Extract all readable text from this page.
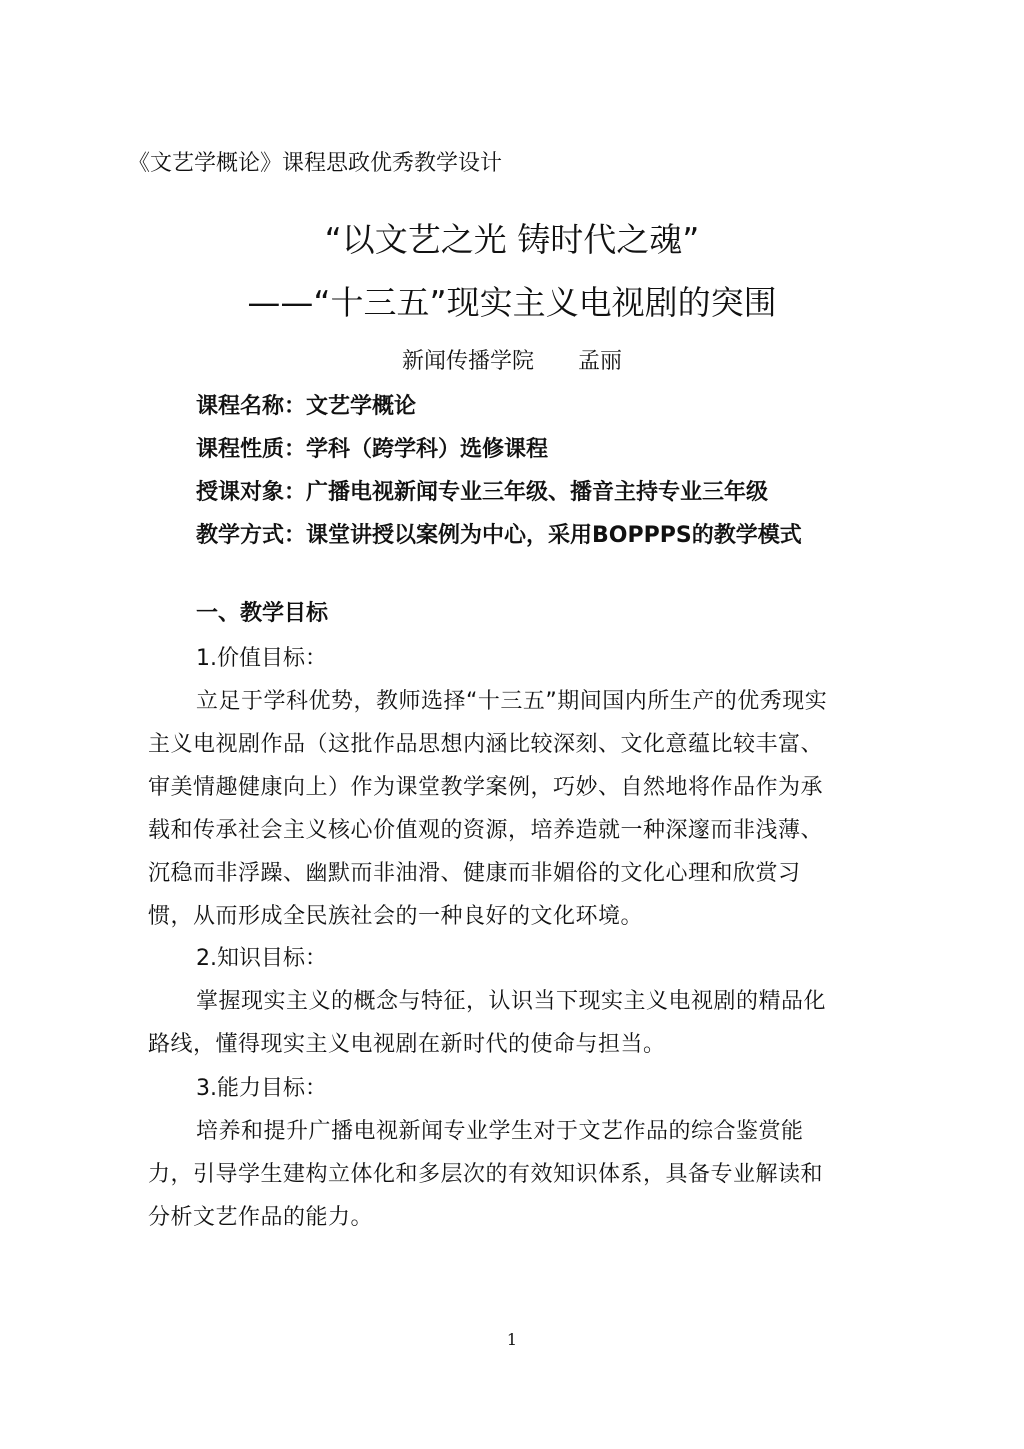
《文艺学概论》课程思政优秀教学设计
“以文艺之光 铸时代之魂”
——“十三五”现实主义电视剧的突围
新闻传播学院 孟丽
课程名称：文艺学概论
课程性质：学科（跨学科）选修课程
授课对象：广播电视新闻专业三年级、播音主持专业三年级
教学方式：课堂讲授以案例为中心，采用BOPPPS的教学模式
一、教学目标
1.价值目标：
立足于学科优势，教师选择“十三五”期间国内所生产的优秀现实
主义电视剧作品（这批作品思想内涵比较深刻、文化意蕴比较丰富、
审美情趣健康向上）作为课堂教学案例，巧妙、自然地将作品作为承
载和传承社会主义核心价值观的资源，培养造就一种深邃而非浅薄、
沉稳而非浮躁、幽默而非油滑、健康而非媚俗的文化心理和欣赏习
惯，从而形成全民族社会的一种良好的文化环境。
2.知识目标：
掌握现实主义的概念与特征，认识当下现实主义电视剧的精品化
路线，懂得现实主义电视剧在新时代的使命与担当。
3.能力目标：
培养和提升广播电视新闻专业学生对于文艺作品的综合鉴赏能
力，引导学生建构立体化和多层次的有效知识体系，具备专业解读和
分析文艺作品的能力。
1
